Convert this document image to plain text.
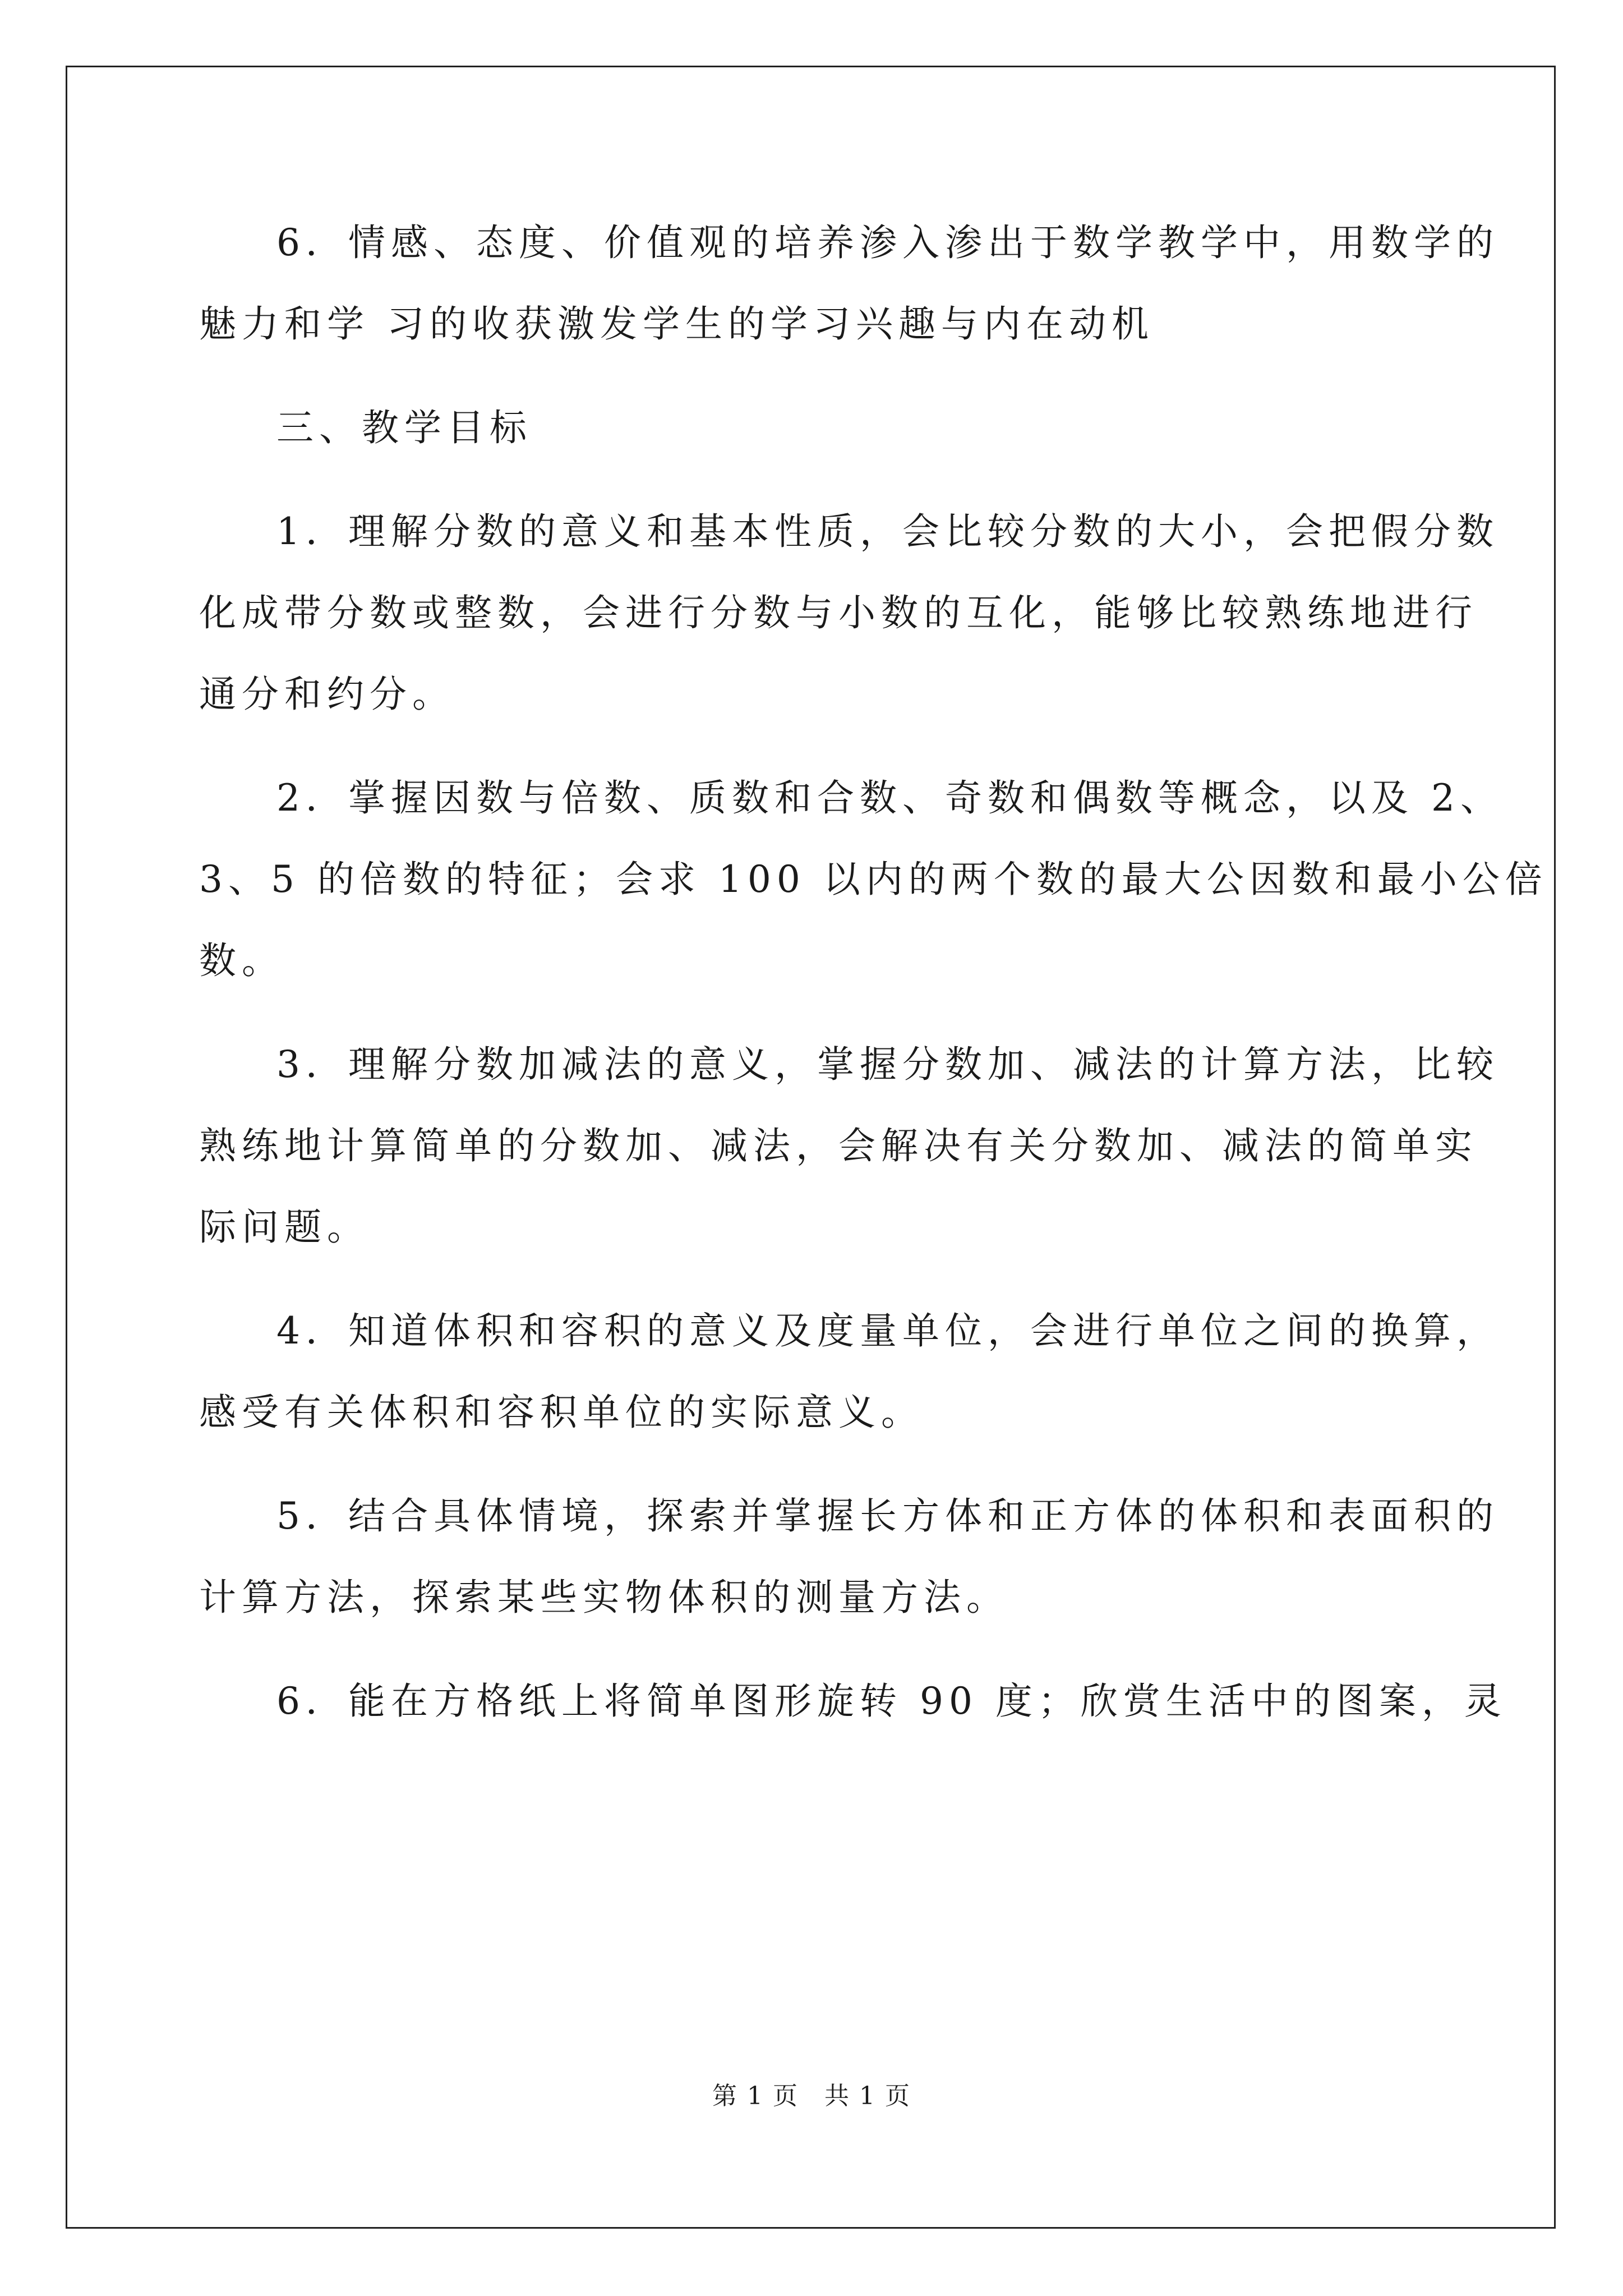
6．情感、态度、价值观的培养渗入渗出于数学教学中，用数学的
魅力和学 习的收获激发学生的学习兴趣与内在动机

三、教学目标

1．理解分数的意义和基本性质，会比较分数的大小，会把假分数
化成带分数或整数，会进行分数与小数的互化，能够比较熟练地进行
通分和约分。

2．掌握因数与倍数、质数和合数、奇数和偶数等概念，以及 2、
3、5 的倍数的特征；会求 100 以内的两个数的最大公因数和最小公倍
数。

3．理解分数加减法的意义，掌握分数加、减法的计算方法，比较
熟练地计算简单的分数加、减法，会解决有关分数加、减法的简单实
际问题。

4．知道体积和容积的意义及度量单位，会进行单位之间的换算，
感受有关体积和容积单位的实际意义。

5．结合具体情境，探索并掌握长方体和正方体的体积和表面积的
计算方法，探索某些实物体积的测量方法。

6．能在方格纸上将简单图形旋转 90 度；欣赏生活中的图案，灵

第 1 页　共 1 页
